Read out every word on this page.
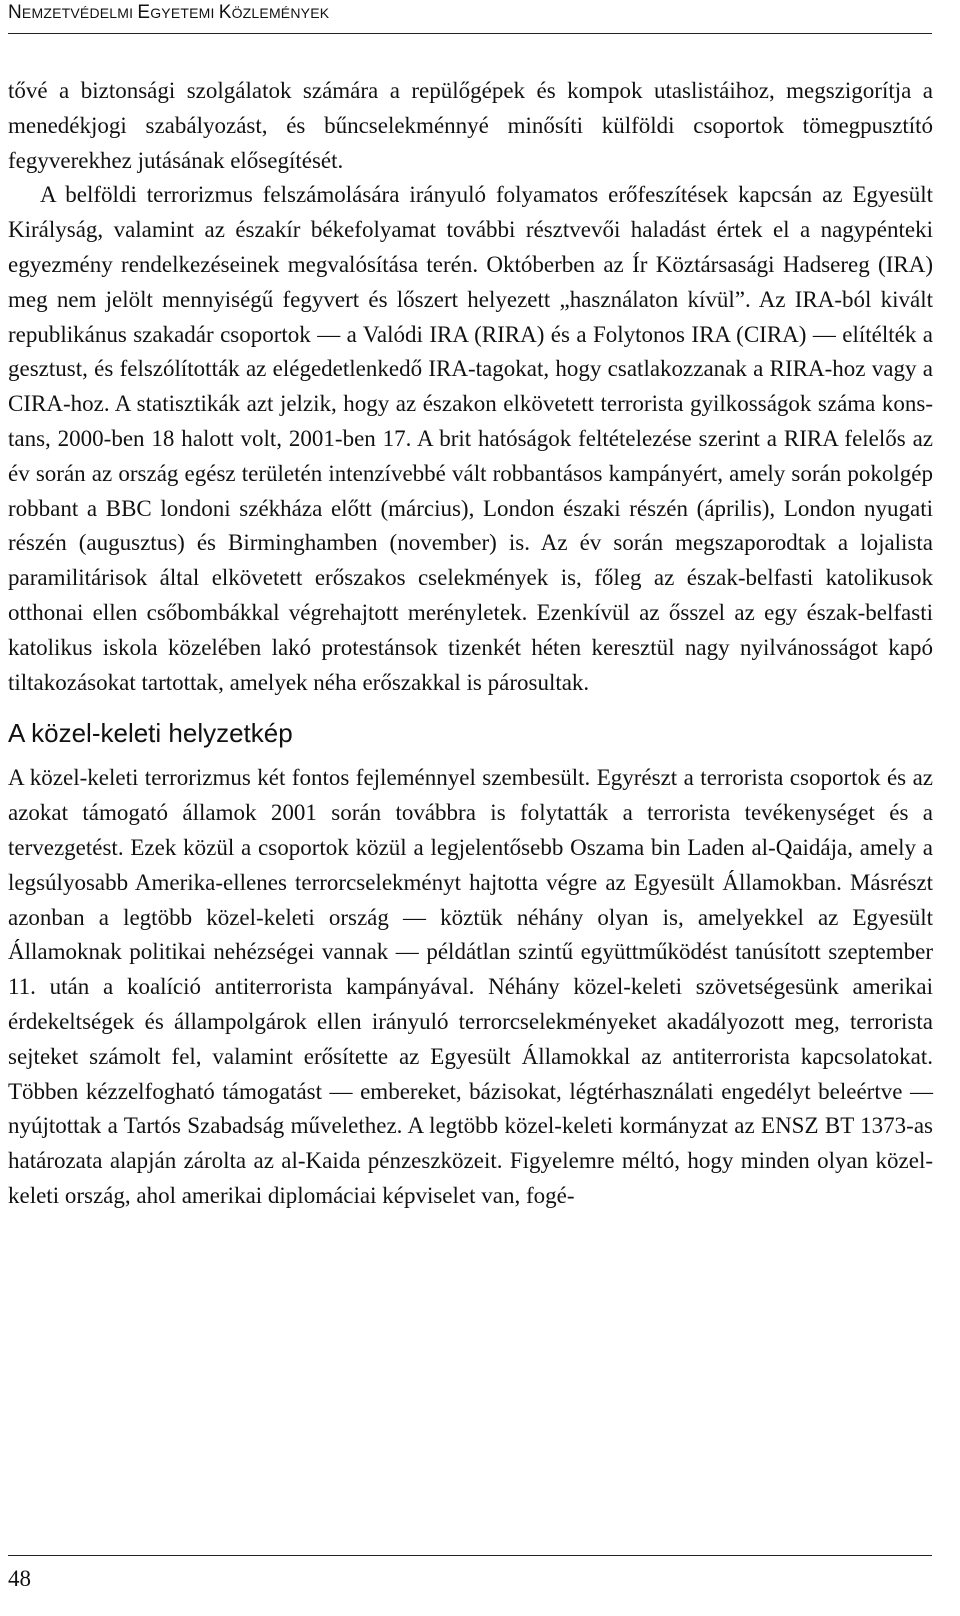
NEMZETVÉDELMI EGYETEMI KÖZLEMÉNYEK

tővé a biztonsági szolgálatok számára a repülőgépek és kompok utaslistáihoz, megszigorítja a menedékjogi szabályozást, és bűncselekménnyé minősíti külföldi csoportok tömegpusztító fegyverekhez jutásának elősegítését.

A belföldi terrorizmus felszámolására irányuló folyamatos erőfeszítések kapcsán az Egyesült Királyság, valamint az északír békefolyamat további résztvevői haladást értek el a nagypénteki egyezmény rendelkezéseinek megvalósítása terén. Októberben az Ír Köztársasági Hadsereg (IRA) meg nem jelölt mennyiségű fegyvert és lőszert helyezett „használaton kívül”. Az IRA-ból kivált republikánus szakadár csoportok — a Valódi IRA (RIRA) és a Folytonos IRA (CIRA) — elítélték a gesztust, és felszólították az elégedetlenkedő IRA-tagokat, hogy csatlakozzanak a RIRA-hoz vagy a CIRA-hoz. A statisztikák azt jelzik, hogy az északon elkövetett terrorista gyilkosságok száma konstans, 2000-ben 18 halott volt, 2001-ben 17. A brit hatóságok feltételezése szerint a RIRA felelős az év során az ország egész területén intenzívebbé vált robbantásos kampányért, amely során pokolgép robbant a BBC londoni székháza előtt (március), London északi részén (április), London nyugati részén (augusztus) és Birminghamben (november) is. Az év során megszaporodtak a lojalista paramilitárisok által elkövetett erőszakos cselekmények is, főleg az észak-belfasti katolikusok otthonai ellen csőbombákkal végrehajtott merényletek. Ezenkívül az ősszel az egy észak-belfasti katolikus iskola közelében lakó protestánsok tizenkét héten keresztül nagy nyilvánosságot kapó tiltakozásokat tartottak, amelyek néha erőszakkal is párosultak.

A közel-keleti helyzetkép

A közel-keleti terrorizmus két fontos fejleménnyel szembesült. Egyrészt a terrorista csoportok és az azokat támogató államok 2001 során továbbra is folytatták a terrorista tevékenységet és a tervezgetést. Ezek közül a csoportok közül a legjelentősebb Oszama bin Laden al-Qaidája, amely a legsúlyosabb Amerika-ellenes terrorcselekményt hajtotta végre az Egyesült Államokban. Másrészt azonban a legtöbb közel-keleti ország — köztük néhány olyan is, amelyekkel az Egyesült Államoknak politikai nehézségei vannak — példátlan szintű együttműködést tanúsított szeptember 11. után a koalíció antiterrorista kampányával. Néhány közel-keleti szövetségesünk amerikai érdekeltségek és állampolgárok ellen irányuló terrorcselekményeket akadályozott meg, terrorista sejteket számolt fel, valamint erősítette az Egyesült Államokkal az antiterrorista kapcsolatokat. Többen kézzelfogható támogatást — embereket, bázisokat, légtérhasználati engedélyt beleértve — nyújtottak a Tartós Szabadság művelethez. A legtöbb közel-keleti kormányzat az ENSZ BT 1373-as határozata alapján zárolta az al-Kaida pénzeszközeit. Figyelemre méltó, hogy minden olyan közel-keleti ország, ahol amerikai diplomáciai képviselet van, fogé-

48
